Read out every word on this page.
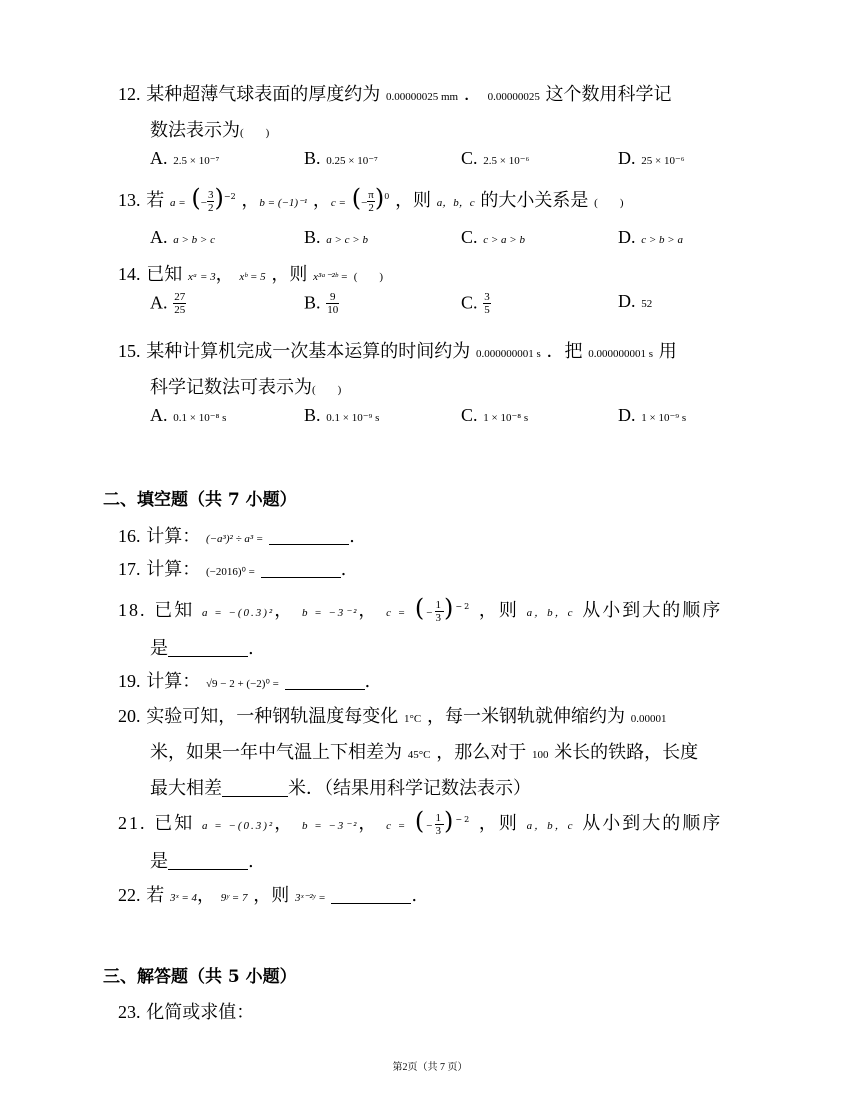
12. 某种超薄气球表面的厚度约为 0.00000025 mm ． 0.00000025 这个数用科学记
数法表示为(　　)
A. 2.5 × 10⁻⁷	B. 0.25 × 10⁻⁷	C. 2.5 × 10⁻⁶	D. 25 × 10⁻⁶
13. 若 a = (− $\frac{3}{2} )^{-2}$ ，b = (−1)⁻¹ ，c = (− $\frac{\pi}{2} )^0$ ，则 a，b，c 的大小关系是 (　　)
A. a > b > c	B. a > c > b	C. c > a > b	D. c > b > a
14. 已知 xᵃ = 3， xᵇ = 5 ，则 x³ᵃ⁻²ᵇ = (　　)
A. $\frac{27}{25}$	B. $\frac{9}{10}$	C. $\frac{3}{5}$	D. 52
15. 某种计算机完成一次基本运算的时间约为 0.000000001 s ．把 0.000000001 s 用
科学记数法可表示为(　　)
A. 0.1 × 10⁻⁸ s	B. 0.1 × 10⁻⁹ s	C. 1 × 10⁻⁸ s	D. 1 × 10⁻⁹ s
二、填空题（共 7 小题）
16. 计算： (−a³)² ÷ a³ =	.
17. 计算： (−2016)⁰ =	.
18. 已知 a = −(0.3)²， b = −3⁻²， c = (− $\frac{1}{3} )^{-2}$ ，则 a，b，c 从小到大的顺序
是	.
19. 计算： √9 − 2 + (−2)⁰ =	.
20. 实验可知，一种钢轨温度每变化 1°C ，每一米钢轨就伸缩约为 0.00001
米，如果一年中气温上下相差为 45°C ，那么对于 100 米长的铁路，长度
最大相差	米．（结果用科学记数法表示）
21. 已知 a = −(0.3)²， b = −3⁻²， c = (− $\frac{1}{3} )^{-2}$ ，则 a，b，c 从小到大的顺序
是	.
22. 若 3ˣ = 4， 9ʸ = 7 ，则 3ˣ⁻²ʸ =	.
三、解答题（共 5 小题）
23. 化简或求值：
第2页（共 7 页）
